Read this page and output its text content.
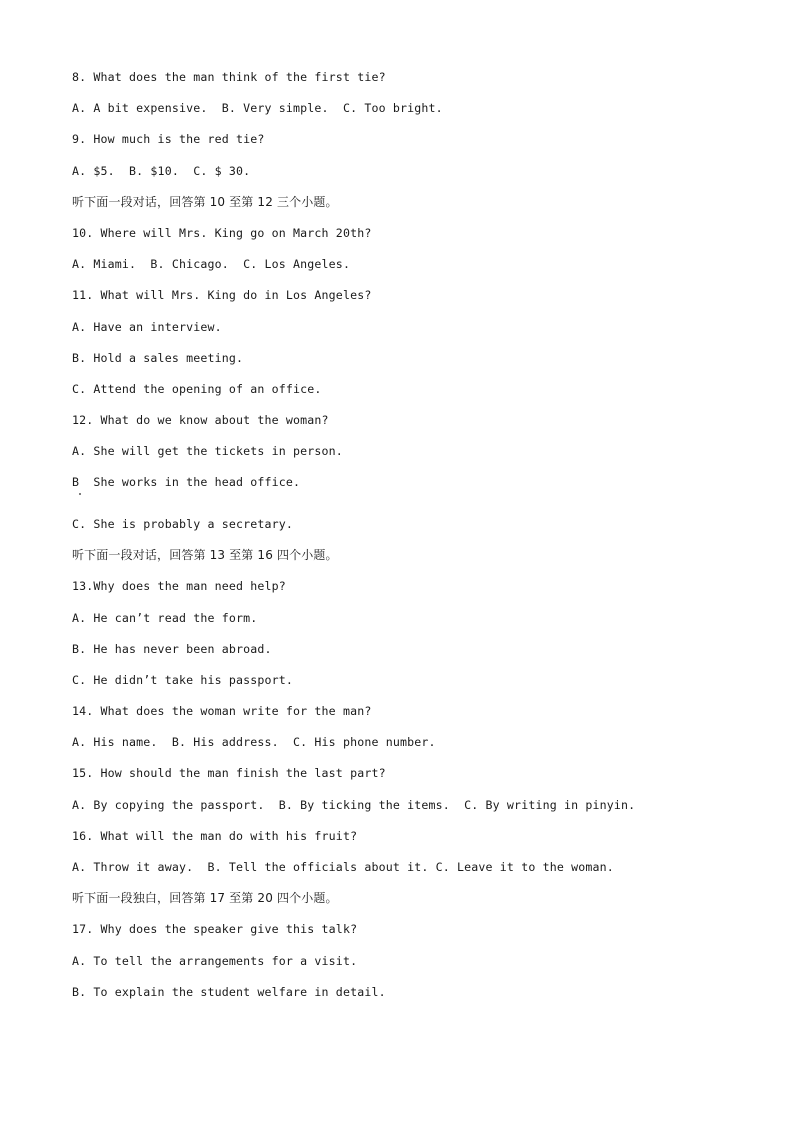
8. What does the man think of the first tie?
A. A bit expensive.  B. Very simple.  C. Too bright.
9. How much is the red tie?
A. $5.  B. $10.  C. $ 30.
听下面一段对话，回答第 10 至第 12 三个小题。
10. Where will Mrs. King go on March 20th?
A. Miami.  B. Chicago.  C. Los Angeles.
11. What will Mrs. King do in Los Angeles?
A. Have an interview.
B. Hold a sales meeting.
C. Attend the opening of an office.
12. What do we know about the woman?
A. She will get the tickets in person.
B  She works in the head office.
C. She is probably a secretary.
听下面一段对话，回答第 13 至第 16 四个小题。
13.Why does the man need help?
A. He can’t read the form.
B. He has never been abroad.
C. He didn’t take his passport.
14. What does the woman write for the man?
A. His name.  B. His address.  C. His phone number.
15. How should the man finish the last part?
A. By copying the passport.  B. By ticking the items.  C. By writing in pinyin.
16. What will the man do with his fruit?
A. Throw it away.  B. Tell the officials about it. C. Leave it to the woman.
听下面一段独白，回答第 17 至第 20 四个小题。
17. Why does the speaker give this talk?
A. To tell the arrangements for a visit.
B. To explain the student welfare in detail.
